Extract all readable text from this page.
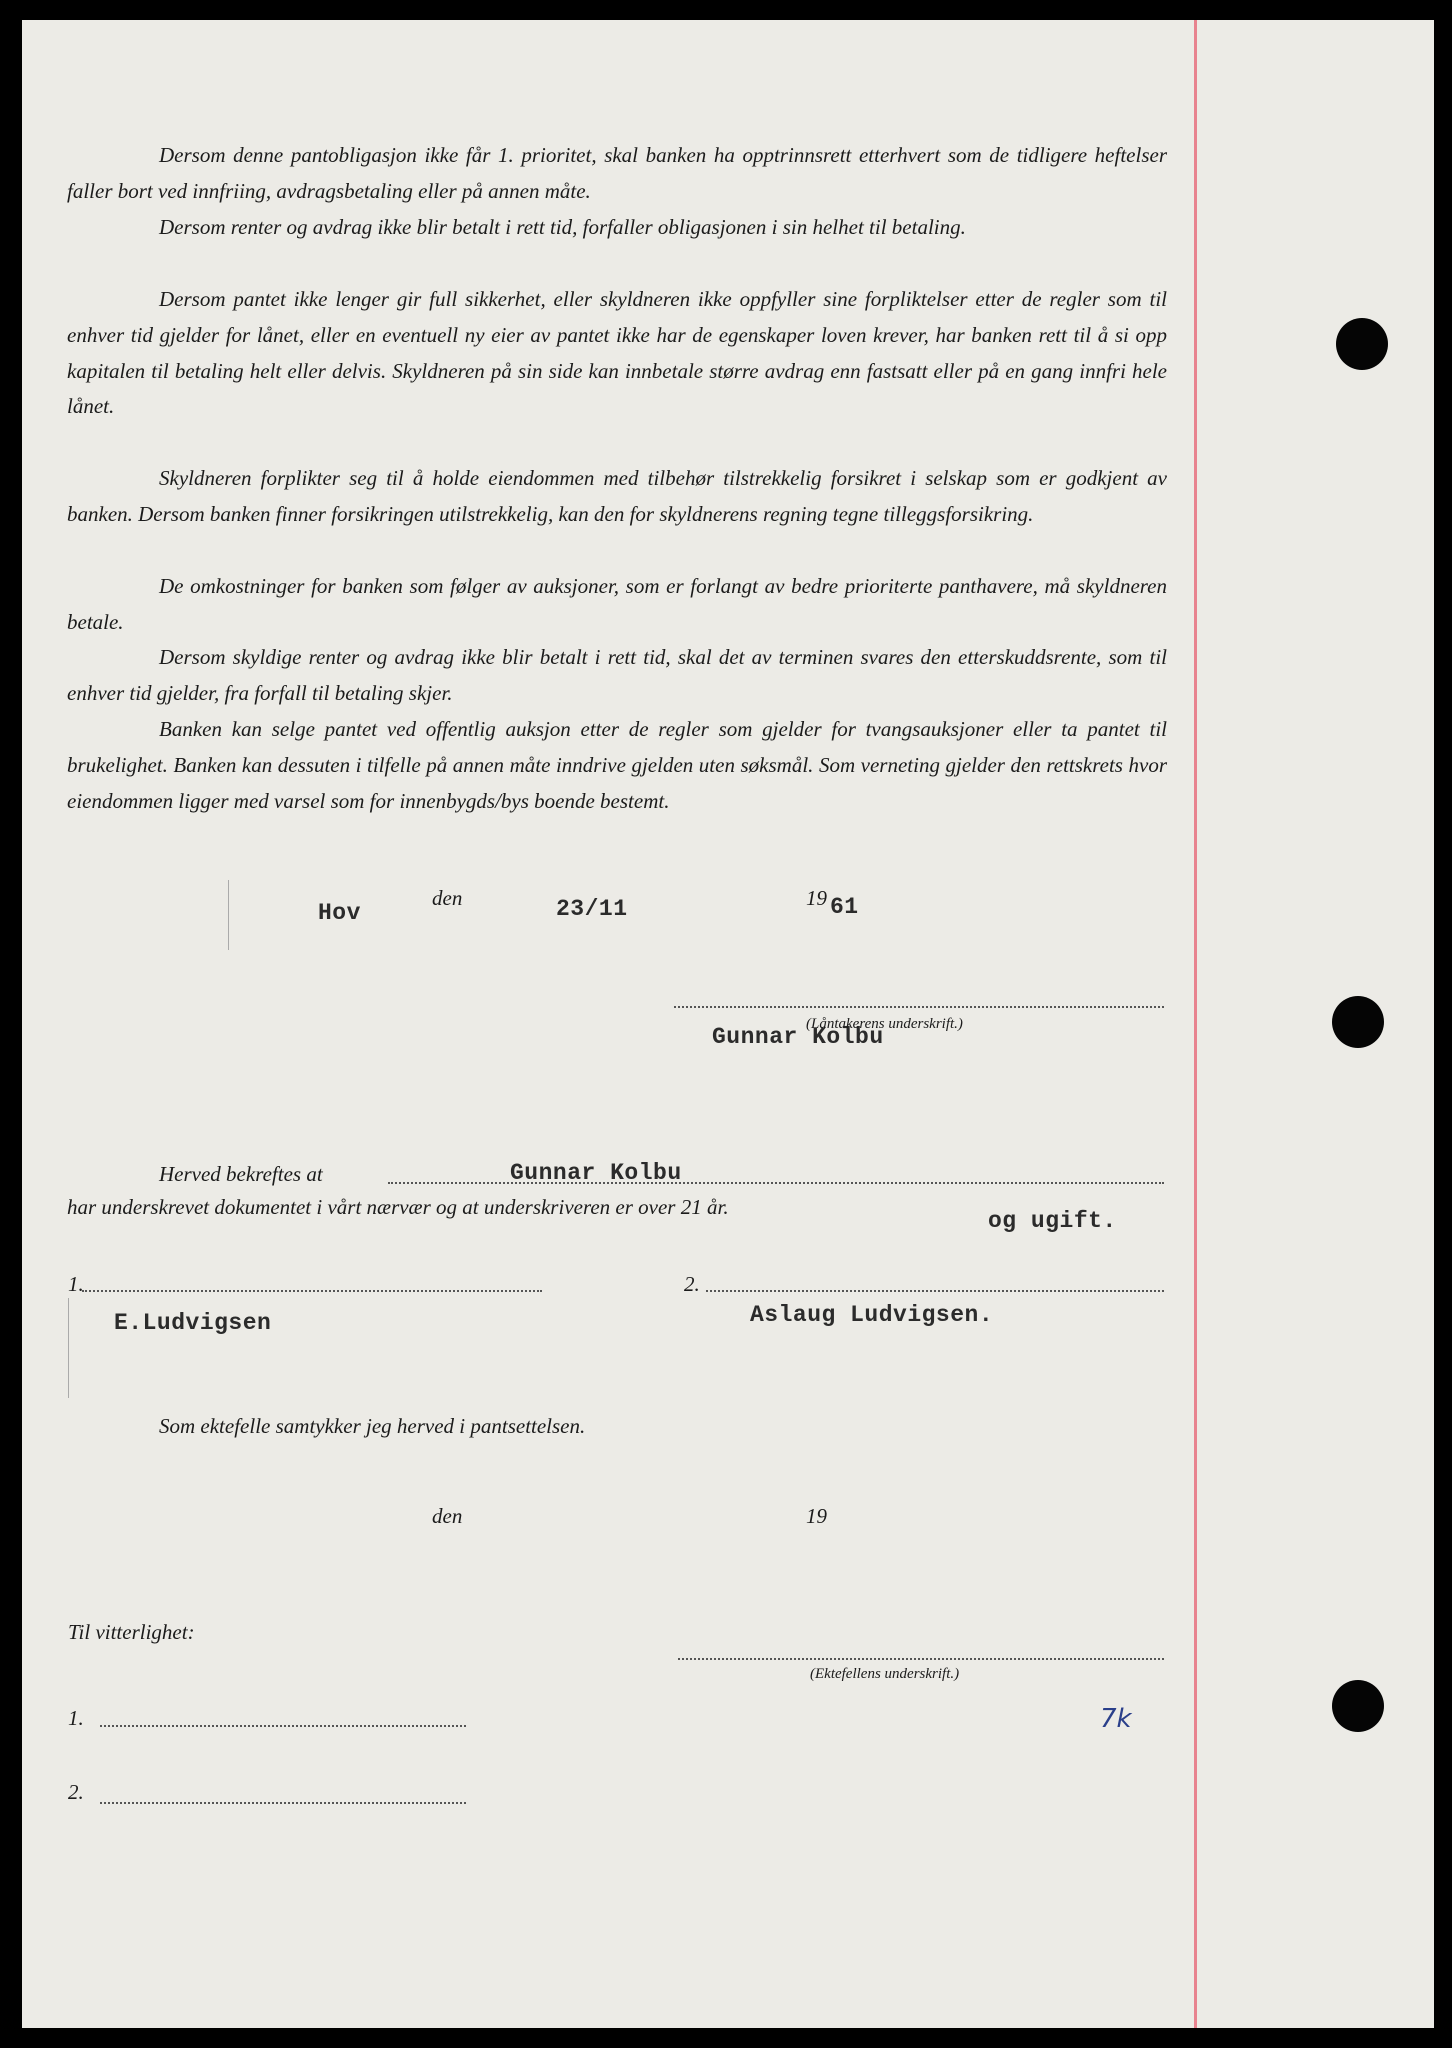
Dersom denne pantobligasjon ikke får 1. prioritet, skal banken ha opptrinnsrett etterhvert som de tidligere heftelser faller bort ved innfriing, avdragsbetaling eller på annen måte.

Dersom renter og avdrag ikke blir betalt i rett tid, forfaller obligasjonen i sin helhet til betaling.

Dersom pantet ikke lenger gir full sikkerhet, eller skyldneren ikke oppfyller sine forpliktelser etter de regler som til enhver tid gjelder for lånet, eller en eventuell ny eier av pantet ikke har de egenskaper loven krever, har banken rett til å si opp kapitalen til betaling helt eller delvis. Skyldneren på sin side kan innbetale større avdrag enn fastsatt eller på en gang innfri hele lånet.

Skyldneren forplikter seg til å holde eiendommen med tilbehør tilstrekkelig forsikret i selskap som er godkjent av banken. Dersom banken finner forsikringen utilstrekkelig, kan den for skyldnerens regning tegne tilleggsforsikring.

De omkostninger for banken som følger av auksjoner, som er forlangt av bedre prioriterte panthavere, må skyldneren betale.

Dersom skyldige renter og avdrag ikke blir betalt i rett tid, skal det av terminen svares den etterskuddsrente, som til enhver tid gjelder, fra forfall til betaling skjer.

Banken kan selge pantet ved offentlig auksjon etter de regler som gjelder for tvangsauksjoner eller ta pantet til brukelighet. Banken kan dessuten i tilfelle på annen måte inndrive gjelden uten søksmål. Som verneting gjelder den rettskrets hvor eiendommen ligger med varsel som for innenbygds/bys boende bestemt.

Hov
den	23/11	19 61
Gunnar Kolbu
(Låntakerens underskrift.)
Herved bekreftes at	Gunnar Kolbu
har underskrevet dokumentet i vårt nærvær og at underskriveren er over 21 år.
og ugift.
1.
E.Ludvigsen
2.
Aslaug Ludvigsen.
Som ektefelle samtykker jeg herved i pantsettelsen.
den	19
Til vitterlighet:
(Ektefellens underskrift.)
1.
2.
7k
